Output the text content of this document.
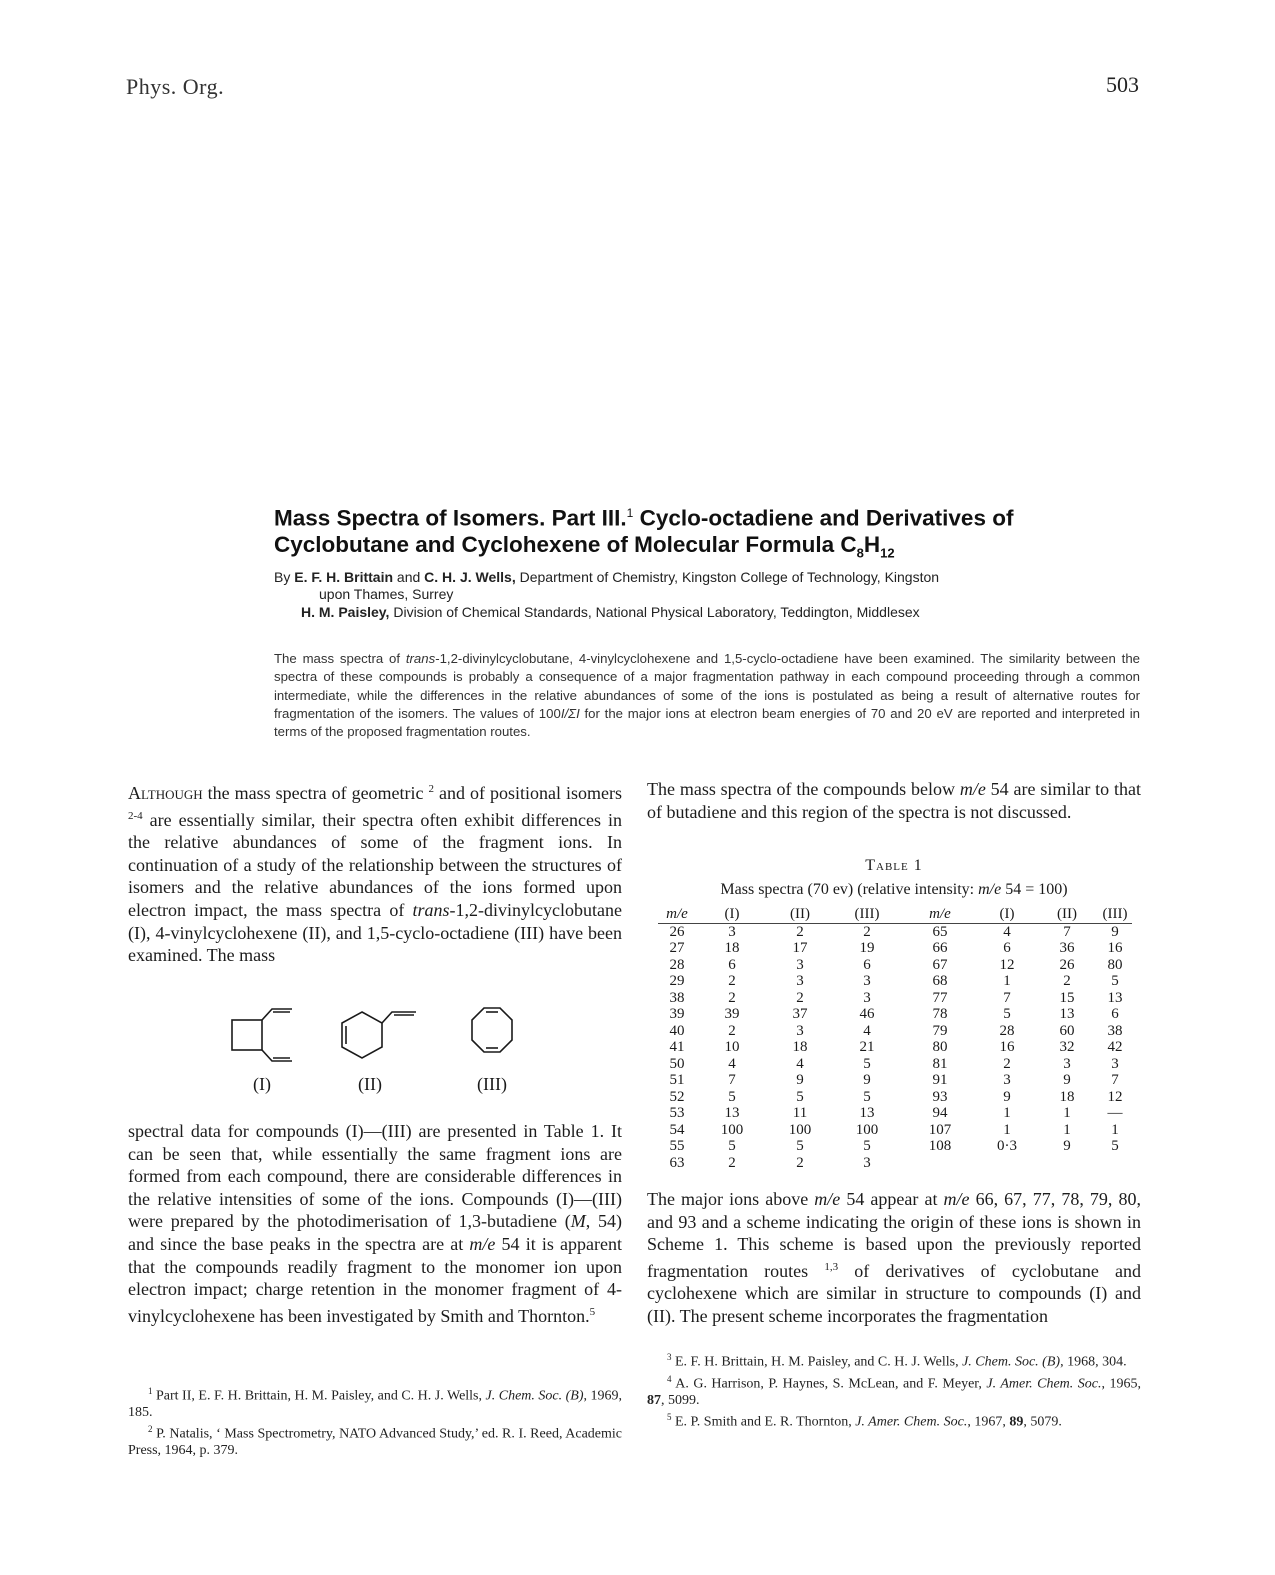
Phys. Org.	503
Mass Spectra of Isomers. Part III.$^1$ Cyclo-octadiene and Derivatives of
Cyclobutane and Cyclohexene of Molecular Formula $C_8H_{12}$
By E. F. H. Brittain and C. H. J. Wells, Department of Chemistry, Kingston College of Technology, Kingston
upon Thames, Surrey
H. M. Paisley, Division of Chemical Standards, National Physical Laboratory, Teddington, Middlesex
The mass spectra of trans-1,2-divinylcyclobutane, 4-vinylcyclohexene and 1,5-cyclo-octadiene have been examined. The similarity between the spectra of these compounds is probably a consequence of a major fragmentation pathway in each compound proceeding through a common intermediate, while the differences in the relative abundances of some of the ions is postulated as being a result of alternative routes for fragmentation of the isomers. The values of 100I/ΣI for the major ions at electron beam energies of 70 and 20 eV are reported and interpreted in terms of the proposed fragmentation routes.
Although the mass spectra of geometric $^2$ and of positional isomers $^{2-4}$ are essentially similar, their spectra often exhibit differences in the relative abundances of some of the fragment ions. In continuation of a study of the relationship between the structures of isomers and the relative abundances of the ions formed upon electron impact, the mass spectra of trans-1,2-divinylcyclobutane (I), 4-vinylcyclohexene (II), and 1,5-cyclo-octadiene (III) have been examined. The mass
(I)	(II)	(III)
spectral data for compounds (I)—(III) are presented in Table 1. It can be seen that, while essentially the same fragment ions are formed from each compound, there are considerable differences in the relative intensities of some of the ions. Compounds (I)—(III) were prepared by the photodimerisation of 1,3-butadiene (M, 54) and since the base peaks in the spectra are at m/e 54 it is apparent that the compounds readily fragment to the monomer ion upon electron impact; charge retention in the monomer fragment of 4-vinylcyclohexene has been investigated by Smith and Thornton.$^5$

$^1$ Part II, E. F. H. Brittain, H. M. Paisley, and C. H. J. Wells, J. Chem. Soc. (B), 1969, 185.

$^2$ P. Natalis, ‘ Mass Spectrometry, NATO Advanced Study,’ ed. R. I. Reed, Academic Press, 1964, p. 379.

The mass spectra of the compounds below m/e 54 are similar to that of butadiene and this region of the spectra is not discussed.
Table 1
Mass spectra (70 ev) (relative intensity: m/e 54 = 100)
m/e	(I)	(II)	(III)	m/e	(I)	(II)	(III)

26	3	2	2	65	4	7	9
27	18	17	19	66	6	36	16
28	6	3	6	67	12	26	80
29	2	3	3	68	1	2	5
38	2	2	3	77	7	15	13
39	39	37	46	78	5	13	6
40	2	3	4	79	28	60	38
41	10	18	21	80	16	32	42
50	4	4	5	81	2	3	3
51	7	9	9	91	3	9	7
52	5	5	5	93	9	18	12
53	13	11	13	94	1	1	—
54	100	100	100	107	1	1	1
55	5	5	5	108	0·3	9	5
63	2	2	3				
The major ions above m/e 54 appear at m/e 66, 67, 77, 78, 79, 80, and 93 and a scheme indicating the origin of these ions is shown in Scheme 1. This scheme is based upon the previously reported fragmentation routes $^{1,3}$ of derivatives of cyclobutane and cyclohexene which are similar in structure to compounds (I) and (II). The present scheme incorporates the fragmentation

$^3$ E. F. H. Brittain, H. M. Paisley, and C. H. J. Wells, J. Chem. Soc. (B), 1968, 304.

$^4$ A. G. Harrison, P. Haynes, S. McLean, and F. Meyer, J. Amer. Chem. Soc., 1965, 87, 5099.

$^5$ E. P. Smith and E. R. Thornton, J. Amer. Chem. Soc., 1967, 89, 5079.
